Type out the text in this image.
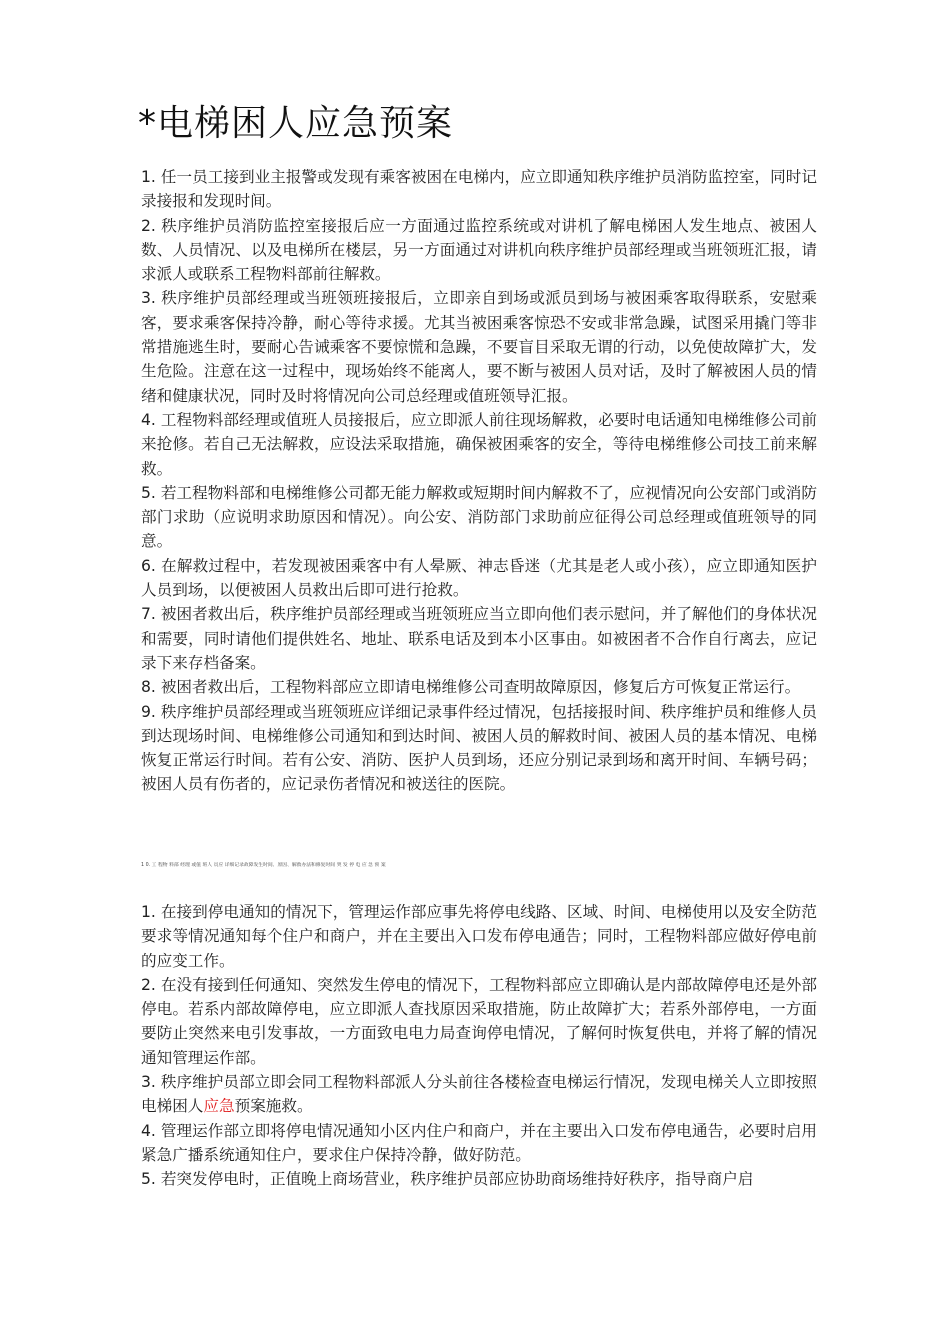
*电梯困人应急预案

1. 任一员工接到业主报警或发现有乘客被困在电梯内，应立即通知秩序维护员消防监控室，同时记录接报和发现时间。

2. 秩序维护员消防监控室接报后应一方面通过监控系统或对讲机了解电梯困人发生地点、被困人数、人员情况、以及电梯所在楼层，另一方面通过对讲机向秩序维护员部经理或当班领班汇报，请求派人或联系工程物料部前往解救。

3. 秩序维护员部经理或当班领班接报后，立即亲自到场或派员到场与被困乘客取得联系，安慰乘客，要求乘客保持冷静，耐心等待求援。尤其当被困乘客惊恐不安或非常急躁，试图采用撬门等非常措施逃生时，要耐心告诫乘客不要惊慌和急躁，不要盲目采取无谓的行动，以免使故障扩大，发生危险。注意在这一过程中，现场始终不能离人，要不断与被困人员对话，及时了解被困人员的情绪和健康状况，同时及时将情况向公司总经理或值班领导汇报。

4. 工程物料部经理或值班人员接报后，应立即派人前往现场解救，必要时电话通知电梯维修公司前来抢修。若自己无法解救，应设法采取措施，确保被困乘客的安全，等待电梯维修公司技工前来解救。

5. 若工程物料部和电梯维修公司都无能力解救或短期时间内解救不了，应视情况向公安部门或消防部门求助（应说明求助原因和情况）。向公安、消防部门求助前应征得公司总经理或值班领导的同意。

6. 在解救过程中，若发现被困乘客中有人晕厥、神志昏迷（尤其是老人或小孩），应立即通知医护人员到场，以便被困人员救出后即可进行抢救。

7. 被困者救出后，秩序维护员部经理或当班领班应当立即向他们表示慰问，并了解他们的身体状况和需要，同时请他们提供姓名、地址、联系电话及到本小区事由。如被困者不合作自行离去，应记录下来存档备案。

8. 被困者救出后，工程物料部应立即请电梯维修公司查明故障原因，修复后方可恢复正常运行。

9. 秩序维护员部经理或当班领班应详细记录事件经过情况，包括接报时间、秩序维护员和维修人员到达现场时间、电梯维修公司通知和到达时间、被困人员的解救时间、被困人员的基本情况、电梯恢复正常运行时间。若有公安、消防、医护人员到场，还应分别记录到场和离开时间、车辆号码；被困人员有伤者的，应记录伤者情况和被送往的医院。

1 0. 工 程物 料部 经理 或值 班人 员应 详细记录故障发生时间、原因、解救办法和修复时间 突 发 停 电 应 急 预 案

1. 在接到停电通知的情况下，管理运作部应事先将停电线路、区域、时间、电梯使用以及安全防范要求等情况通知每个住户和商户，并在主要出入口发布停电通告；同时，工程物料部应做好停电前的应变工作。

2. 在没有接到任何通知、突然发生停电的情况下，工程物料部应立即确认是内部故障停电还是外部停电。若系内部故障停电，应立即派人查找原因采取措施，防止故障扩大；若系外部停电，一方面要防止突然来电引发事故，一方面致电电力局查询停电情况，了解何时恢复供电，并将了解的情况通知管理运作部。

3. 秩序维护员部立即会同工程物料部派人分头前往各楼检查电梯运行情况，发现电梯关人立即按照电梯困人应急预案施救。

4. 管理运作部立即将停电情况通知小区内住户和商户，并在主要出入口发布停电通告，必要时启用紧急广播系统通知住户，要求住户保持冷静，做好防范。

5. 若突发停电时，正值晚上商场营业，秩序维护员部应协助商场维持好秩序，指导商户启
